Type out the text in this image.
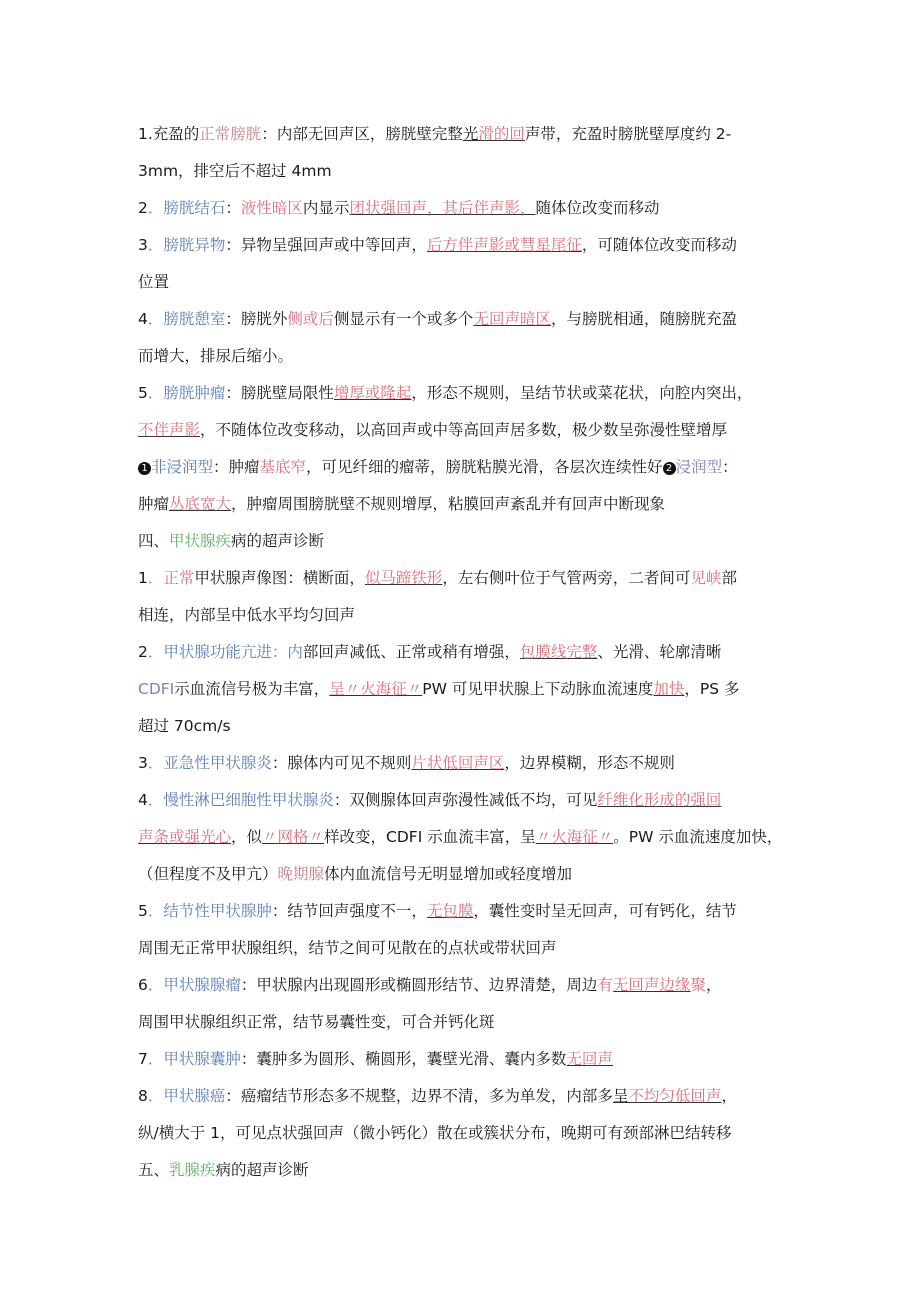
1.充盈的正常膀胱：内部无回声区，膀胱壁完整光滑的回声带，充盈时膀胱壁厚度约 2-
3mm，排空后不超过 4mm
2．膀胱结石：液性暗区内显示团状强回声，其后伴声影，随体位改变而移动
3．膀胱异物：异物呈强回声或中等回声，后方伴声影或彗星尾征，可随体位改变而移动
位置
4．膀胱憩室：膀胱外侧或后侧显示有一个或多个无回声暗区，与膀胱相通，随膀胱充盈
而增大，排尿后缩小。
5．膀胱肿瘤：膀胱壁局限性增厚或隆起，形态不规则，呈结节状或菜花状，向腔内突出，
不伴声影，不随体位改变移动，以高回声或中等高回声居多数，极少数呈弥漫性壁增厚
1 非浸润型：肿瘤基底窄，可见纤细的瘤蒂，膀胱粘膜光滑，各层次连续性好 2 浸润型：
肿瘤丛底宽大，肿瘤周围膀胱壁不规则增厚，粘膜回声紊乱并有回声中断现象
四、甲状腺疾病的超声诊断
1．正常甲状腺声像图：横断面，似马蹄铁形，左右侧叶位于气管两旁，二者间可见峡部
相连，内部呈中低水平均匀回声
2．甲状腺功能亢进：内部回声减低、正常或稍有增强，包膜线完整、光滑、轮廓清晰
CDFI示血流信号极为丰富，呈〃火海征〃PW 可见甲状腺上下动脉血流速度加快，PS 多
超过 70cm/s
3．亚急性甲状腺炎：腺体内可见不规则片状低回声区，边界模糊，形态不规则
4．慢性淋巴细胞性甲状腺炎：双侧腺体回声弥漫性减低不均，可见纤维化形成的强回
声条或强光心，似〃网格〃样改变，CDFI 示血流丰富，呈〃火海征〃。PW 示血流速度加快，
（但程度不及甲亢）晚期腺体内血流信号无明显增加或轻度增加
5．结节性甲状腺肿：结节回声强度不一，无包膜，囊性变时呈无回声，可有钙化，结节
周围无正常甲状腺组织，结节之间可见散在的点状或带状回声
6．甲状腺腺瘤：甲状腺内出现圆形或椭圆形结节、边界清楚，周边有无回声边缘聚，
周围甲状腺组织正常，结节易囊性变，可合并钙化斑
7．甲状腺囊肿：囊肿多为圆形、椭圆形，囊壁光滑、囊内多数无回声
8．甲状腺癌：癌瘤结节形态多不规整，边界不清，多为单发，内部多呈不均匀低回声，
纵/横大于 1，可见点状强回声（微小钙化）散在或簇状分布，晚期可有颈部淋巴结转移
五、乳腺疾病的超声诊断
